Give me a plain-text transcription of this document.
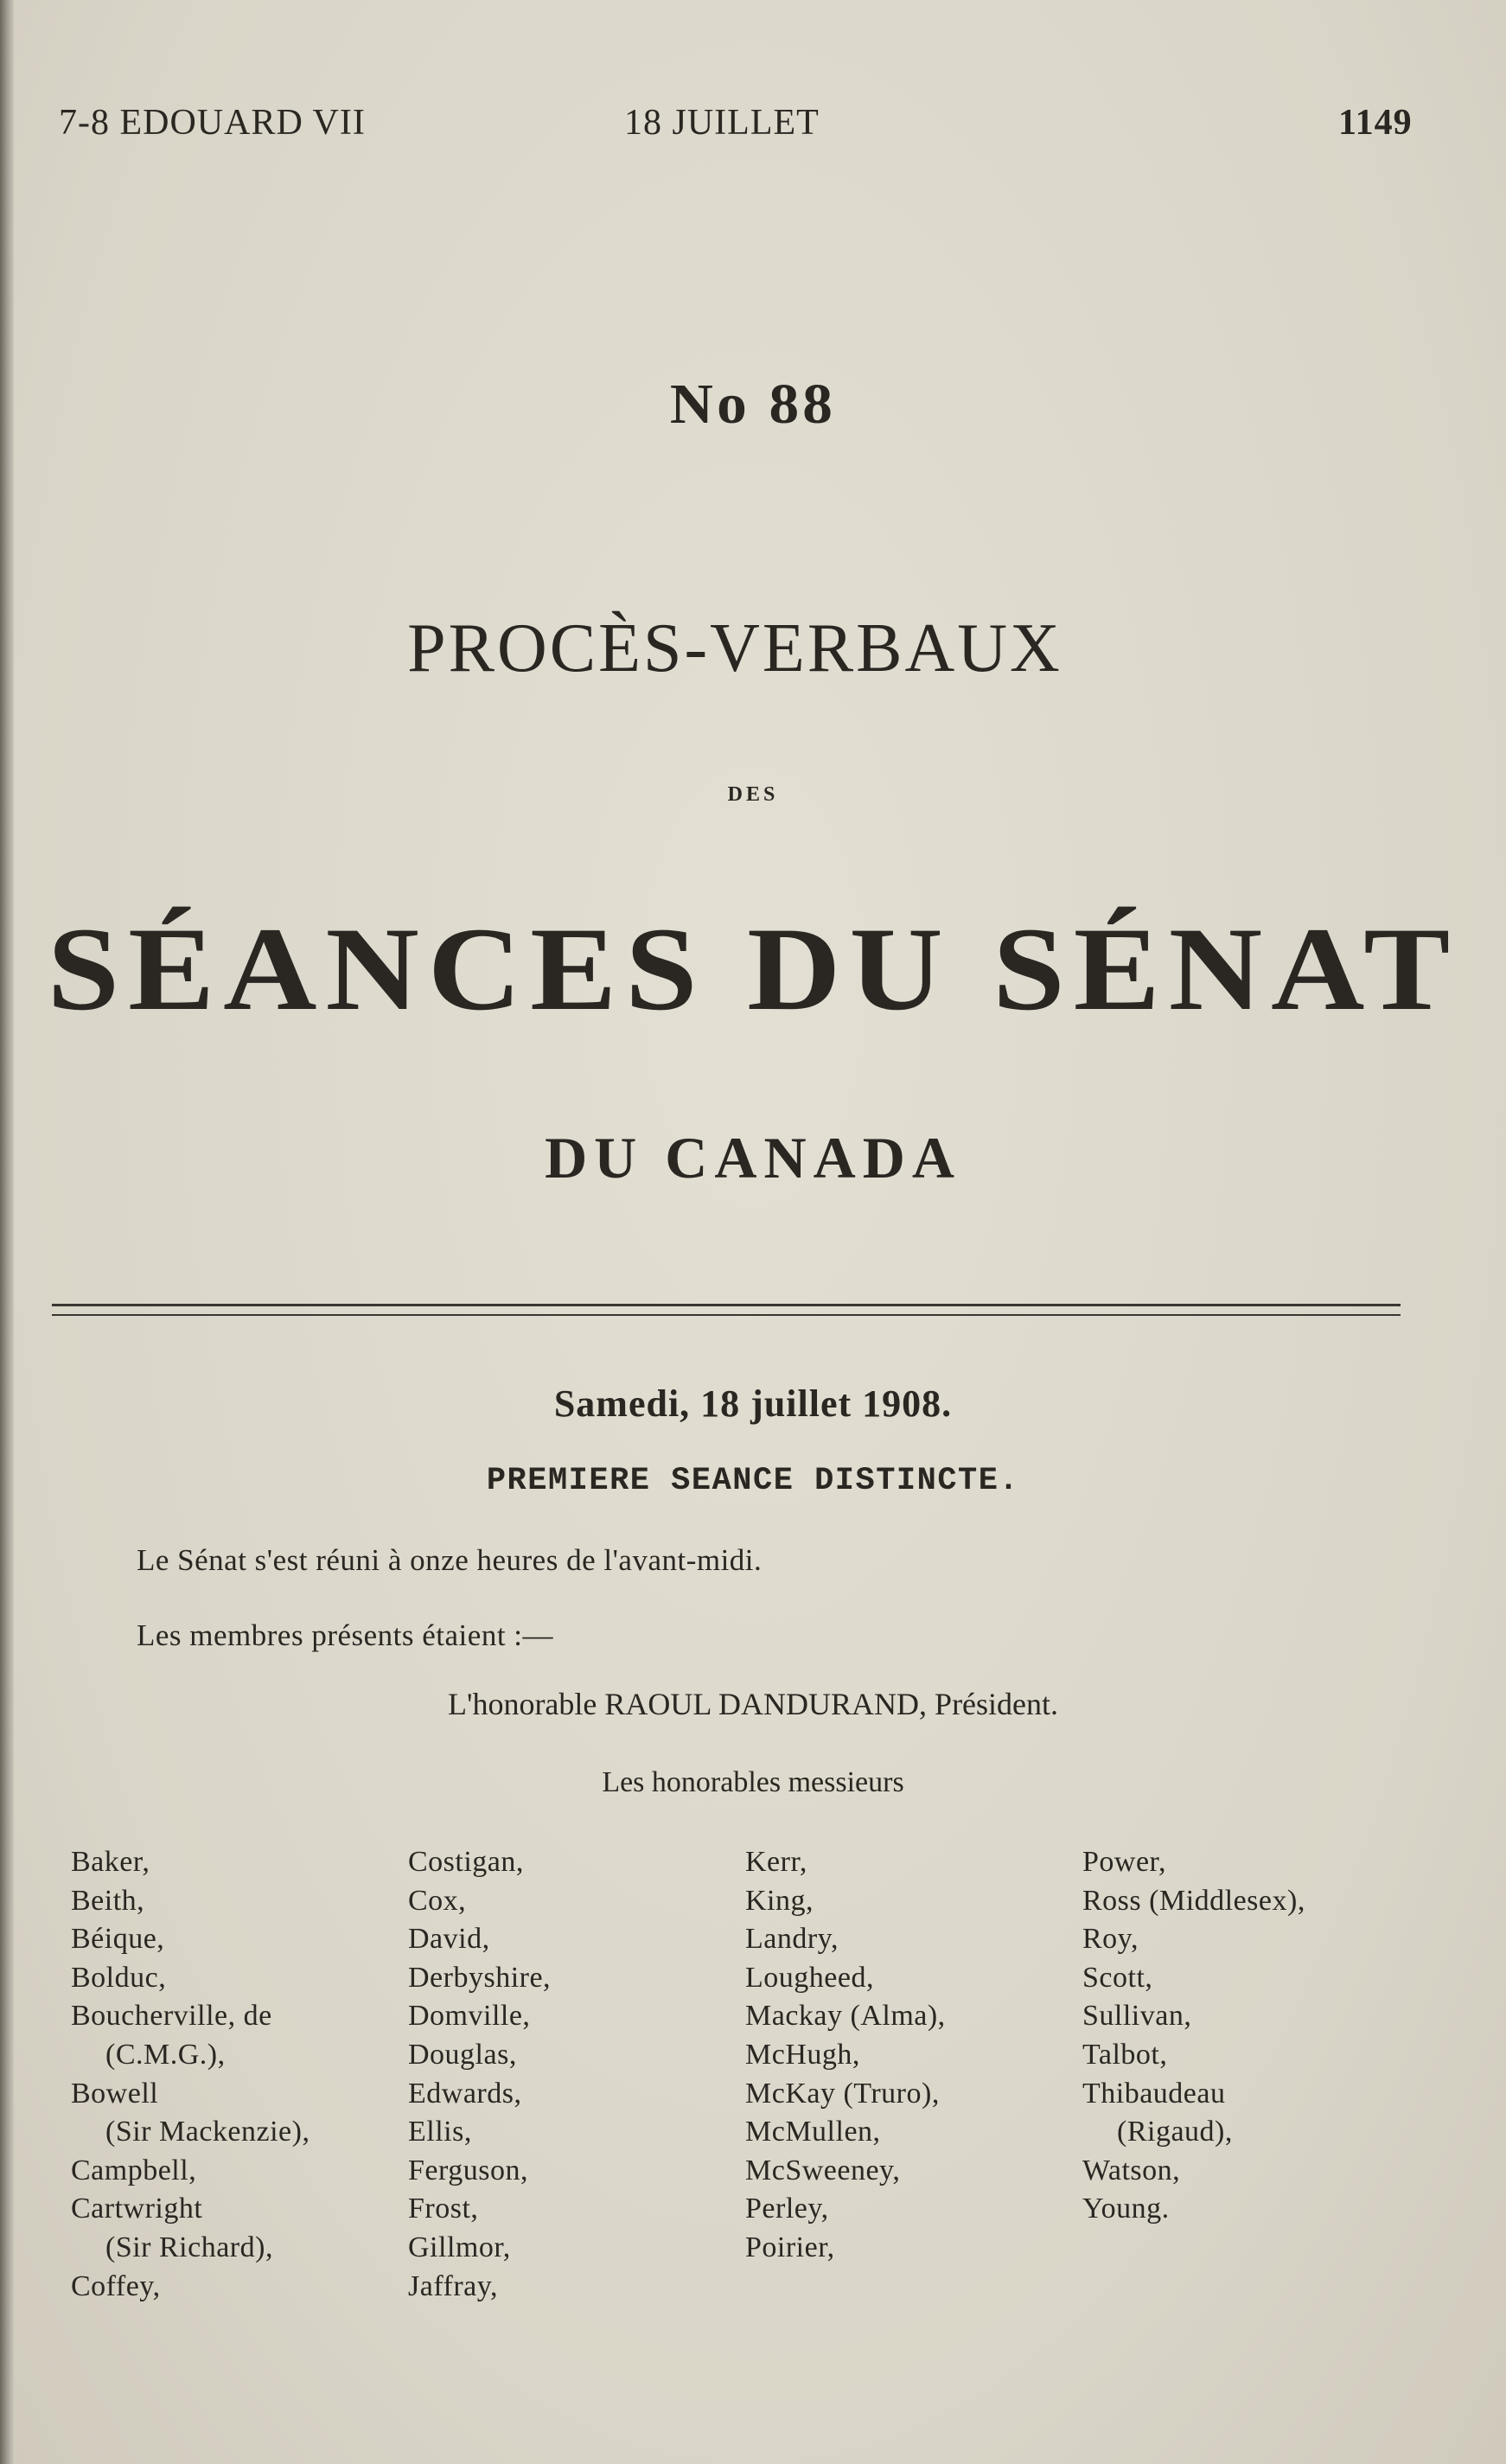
7-8 EDOUARD VII	18 JUILLET	1149
No 88
PROCÈS-VERBAUX
DES
SÉANCES DU SÉNAT
DU CANADA
Samedi, 18 juillet 1908.
PREMIERE SEANCE DISTINCTE.
Le Sénat s'est réuni à onze heures de l'avant-midi.
Les membres présents étaient :—
L'honorable RAOUL DANDURAND, Président.
Les honorables messieurs
Baker,
Beith,
Béique,
Bolduc,
Boucherville, de
(C.M.G.),
Bowell
(Sir Mackenzie),
Campbell,
Cartwright
(Sir Richard),
Coffey,
Costigan,
Cox,
David,
Derbyshire,
Domville,
Douglas,
Edwards,
Ellis,
Ferguson,
Frost,
Gillmor,
Jaffray,
Kerr,
King,
Landry,
Lougheed,
Mackay (Alma),
McHugh,
McKay (Truro),
McMullen,
McSweeney,
Perley,
Poirier,
Power,
Ross (Middlesex),
Roy,
Scott,
Sullivan,
Talbot,
Thibaudeau
(Rigaud),
Watson,
Young.
